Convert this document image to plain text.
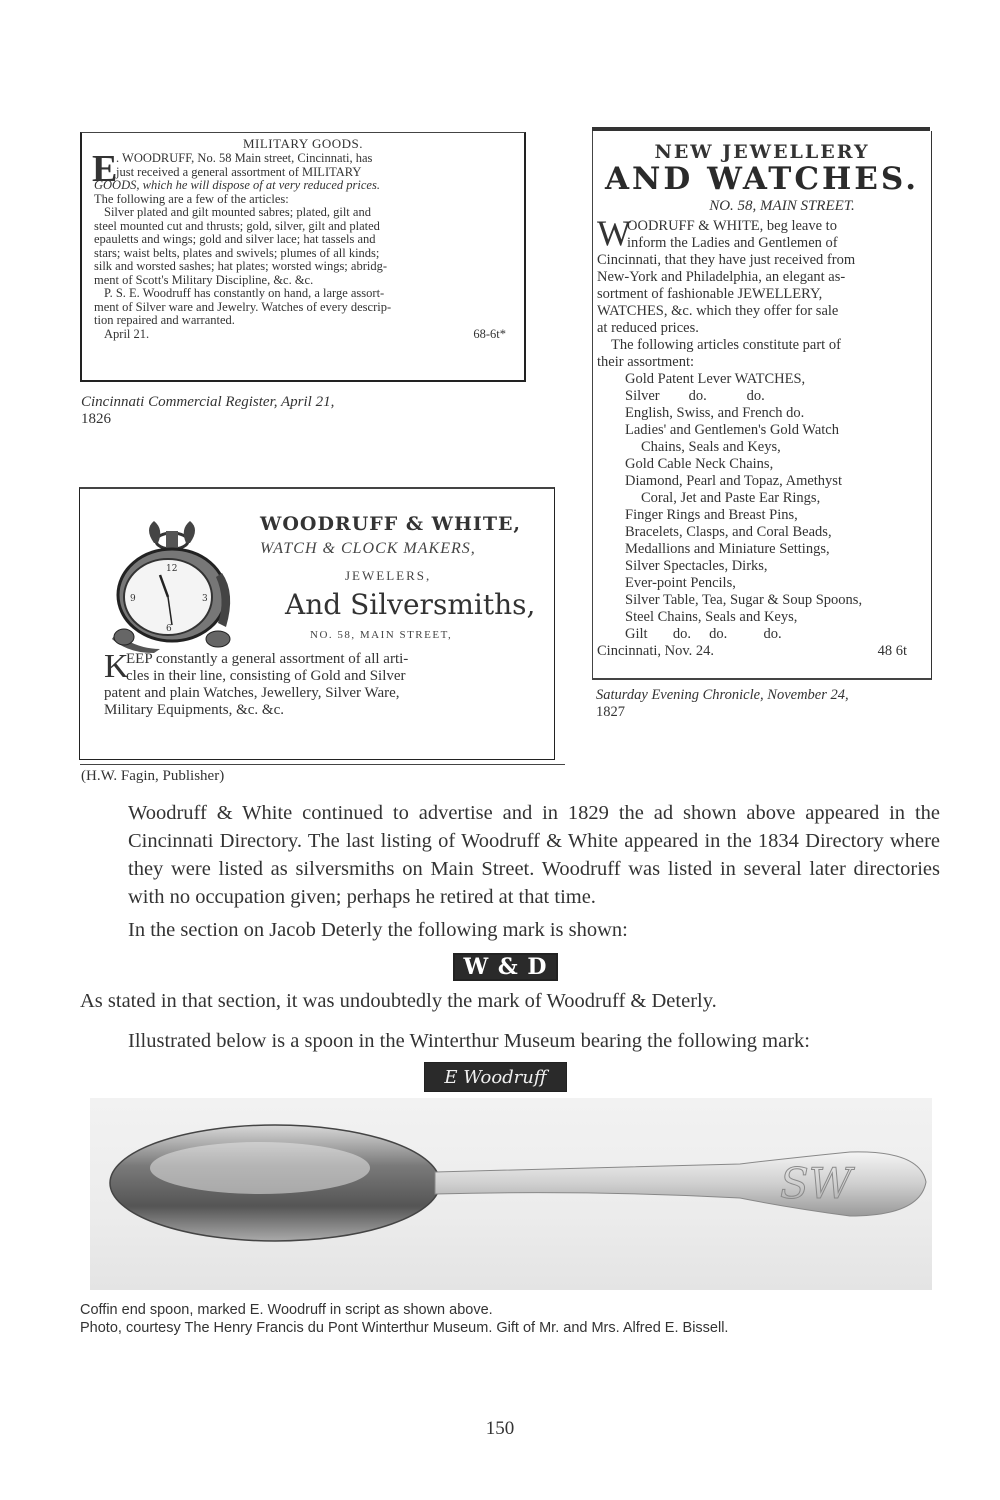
MILITARY GOODS.
E
. WOODRUFF, No. 58 Main street, Cincinnati, has
just received a general assortment of MILITARY
GOODS, which he will dispose of at very reduced prices.
The following are a few of the articles:
Silver plated and gilt mounted sabres; plated, gilt and
steel mounted cut and thrusts; gold, silver, gilt and plated
epauletts and wings; gold and silver lace; hat tassels and
stars; waist belts, plates and swivels; plumes of all kinds;
silk and worsted sashes; hat plates; worsted wings; abridg-
ment of Scott's Military Discipline, &c. &c.
P. S. E. Woodruff has constantly on hand, a large assort-
ment of Silver ware and Jewelry. Watches of every descrip-
tion repaired and warranted.
April 21.	68-6t*
Cincinnati Commercial Register, April 21,
1826
12
3
9
6
WOODRUFF & WHITE,
WATCH & CLOCK MAKERS,
JEWELERS,
And Silversmiths,
NO. 58, MAIN STREET,
K
EEP constantly a general assortment of all arti-
cles in their line, consisting of Gold and Silver
patent and plain Watches, Jewellery, Silver Ware,
Military Equipments, &c. &c.
(H.W. Fagin, Publisher)
NEW JEWELLERY
AND WATCHES.
NO. 58, MAIN STREET.
W
OODRUFF & WHITE, beg leave to
inform the Ladies and Gentlemen of
Cincinnati, that they have just received from
New-York and Philadelphia, an elegant as-
sortment of fashionable JEWELLERY,
WATCHES, &c. which they offer for sale
at reduced prices.
The following articles constitute part of
their assortment:
Gold Patent Lever WATCHES,
Silver        do.           do.
English, Swiss, and French do.
Ladies' and Gentlemen's Gold Watch
Chains, Seals and Keys,
Gold Cable Neck Chains,
Diamond, Pearl and Topaz, Amethyst
Coral, Jet and Paste Ear Rings,
Finger Rings and Breast Pins,
Bracelets, Clasps, and Coral Beads,
Medallions and Miniature Settings,
Silver Spectacles, Dirks,
Ever-point Pencils,
Silver Table, Tea, Sugar & Soup Spoons,
Steel Chains, Seals and Keys,
Gilt       do.     do.          do.
Cincinnati, Nov. 24.	48 6t
Saturday Evening Chronicle, November 24,
1827
Woodruff & White continued to advertise and in 1829 the ad shown above appeared in the Cincinnati Directory. The last listing of Woodruff & White appeared in the 1834 Directory where they were listed as silversmiths on Main Street. Woodruff was listed in several later directories with no occupation given; perhaps he retired at that time.
In the section on Jacob Deterly the following mark is shown:
W & D
As stated in that section, it was undoubtedly the mark of Woodruff & Deterly.
Illustrated below is a spoon in the Winterthur Museum bearing the following mark:
E Woodruff
SW
Coffin end spoon, marked E. Woodruff in script as shown above.
Photo, courtesy The Henry Francis du Pont Winterthur Museum. Gift of Mr. and Mrs. Alfred E. Bissell.
150
